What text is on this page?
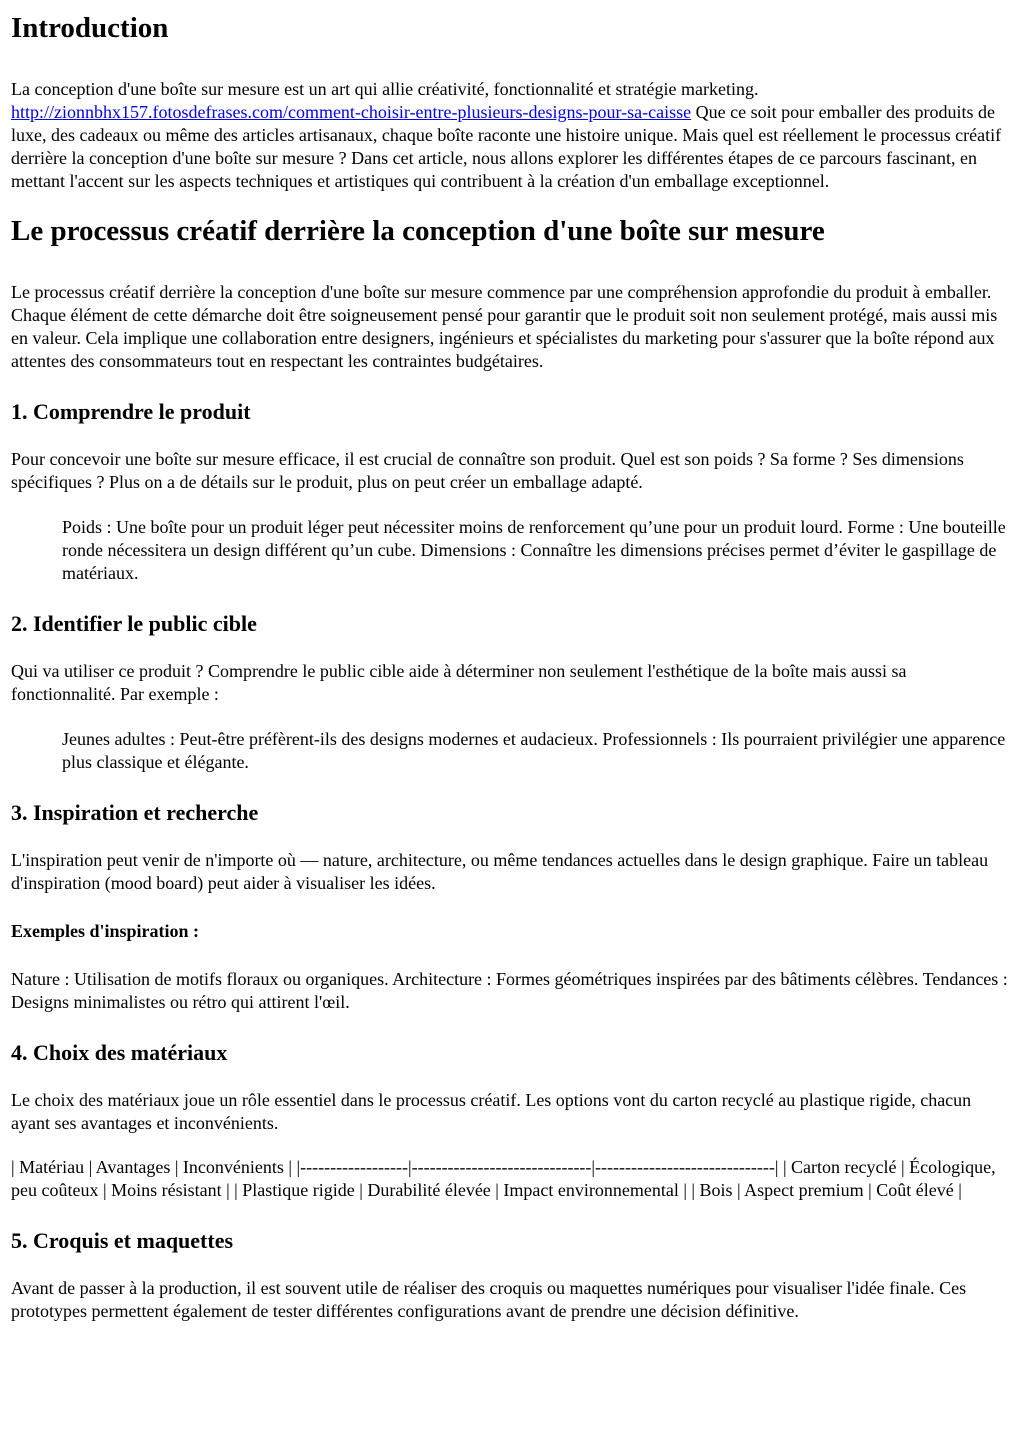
Introduction

La conception d'une boîte sur mesure est un art qui allie créativité, fonctionnalité et stratégie marketing. http://zionnbhx157.fotosdefrases.com/comment-choisir-entre-plusieurs-designs-pour-sa-caisse Que ce soit pour emballer des produits de luxe, des cadeaux ou même des articles artisanaux, chaque boîte raconte une histoire unique. Mais quel est réellement le processus créatif derrière la conception d'une boîte sur mesure ? Dans cet article, nous allons explorer les différentes étapes de ce parcours fascinant, en mettant l'accent sur les aspects techniques et artistiques qui contribuent à la création d'un emballage exceptionnel.

Le processus créatif derrière la conception d'une boîte sur mesure

Le processus créatif derrière la conception d'une boîte sur mesure commence par une compréhension approfondie du produit à emballer. Chaque élément de cette démarche doit être soigneusement pensé pour garantir que le produit soit non seulement protégé, mais aussi mis en valeur. Cela implique une collaboration entre designers, ingénieurs et spécialistes du marketing pour s'assurer que la boîte répond aux attentes des consommateurs tout en respectant les contraintes budgétaires.

1. Comprendre le produit

Pour concevoir une boîte sur mesure efficace, il est crucial de connaître son produit. Quel est son poids ? Sa forme ? Ses dimensions spécifiques ? Plus on a de détails sur le produit, plus on peut créer un emballage adapté.

Poids : Une boîte pour un produit léger peut nécessiter moins de renforcement qu’une pour un produit lourd. Forme : Une bouteille ronde nécessitera un design différent qu’un cube. Dimensions : Connaître les dimensions précises permet d’éviter le gaspillage de matériaux.

2. Identifier le public cible

Qui va utiliser ce produit ? Comprendre le public cible aide à déterminer non seulement l'esthétique de la boîte mais aussi sa fonctionnalité. Par exemple :

Jeunes adultes : Peut-être préfèrent-ils des designs modernes et audacieux. Professionnels : Ils pourraient privilégier une apparence plus classique et élégante.

3. Inspiration et recherche

L'inspiration peut venir de n'importe où — nature, architecture, ou même tendances actuelles dans le design graphique. Faire un tableau d'inspiration (mood board) peut aider à visualiser les idées.

Exemples d'inspiration :

Nature : Utilisation de motifs floraux ou organiques. Architecture : Formes géométriques inspirées par des bâtiments célèbres. Tendances : Designs minimalistes ou rétro qui attirent l'œil.

4. Choix des matériaux

Le choix des matériaux joue un rôle essentiel dans le processus créatif. Les options vont du carton recyclé au plastique rigide, chacun ayant ses avantages et inconvénients.

| Matériau | Avantages | Inconvénients | |------------------|------------------------------|------------------------------| | Carton recyclé | Écologique, peu coûteux | Moins résistant | | Plastique rigide | Durabilité élevée | Impact environnemental | | Bois | Aspect premium | Coût élevé |

5. Croquis et maquettes

Avant de passer à la production, il est souvent utile de réaliser des croquis ou maquettes numériques pour visualiser l'idée finale. Ces prototypes permettent également de tester différentes configurations avant de prendre une décision définitive.
